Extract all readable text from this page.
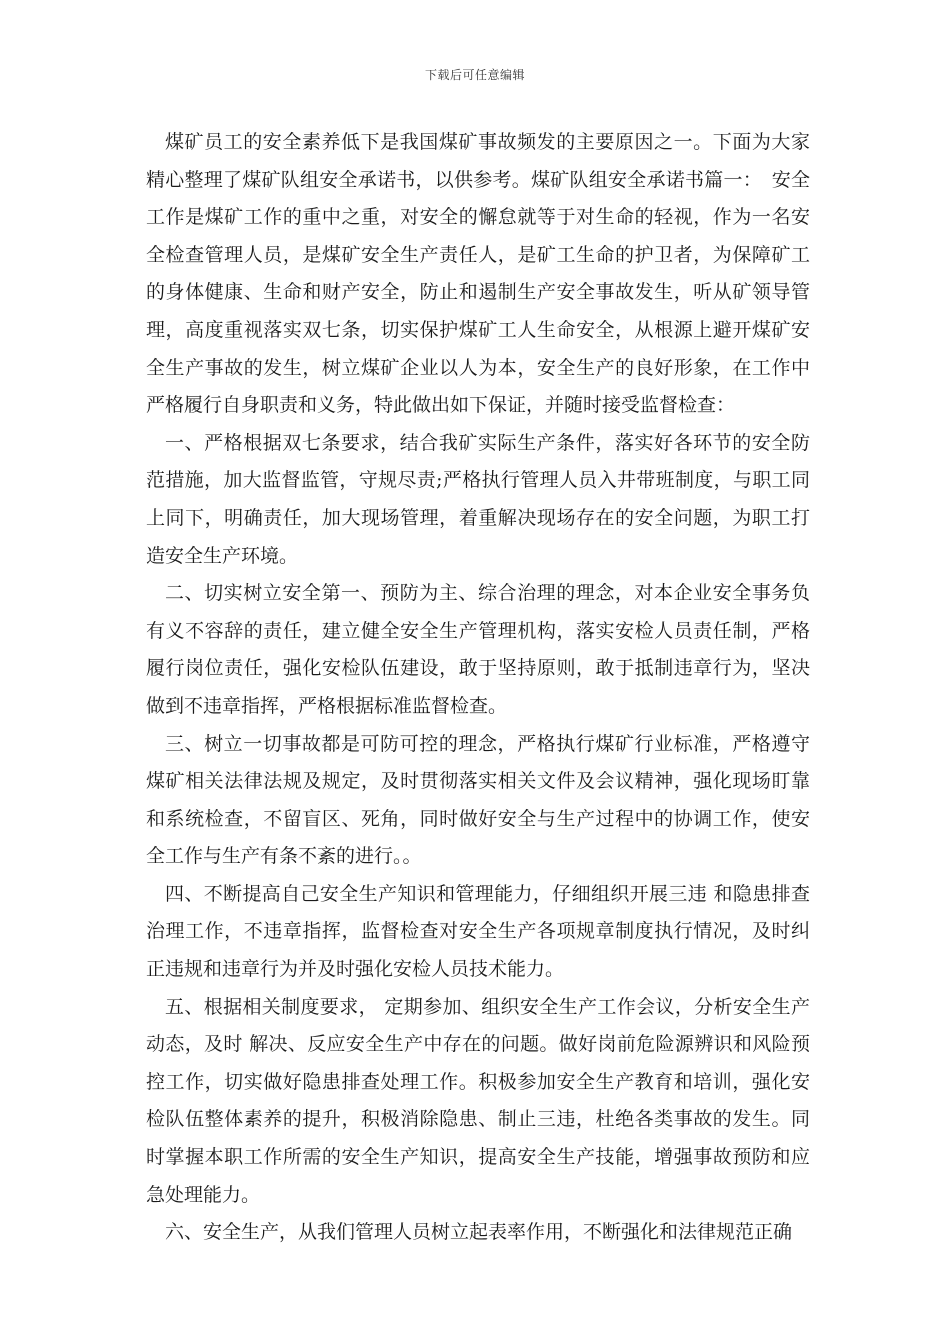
下载后可任意编辑

煤矿员工的安全素养低下是我国煤矿事故频发的主要原因之一。下面为大家精心整理了煤矿队组安全承诺书，以供参考。煤矿队组安全承诺书篇一：　安全工作是煤矿工作的重中之重，对安全的懈怠就等于对生命的轻视，作为一名安全检查管理人员，是煤矿安全生产责任人，是矿工生命的护卫者，为保障矿工的身体健康、生命和财产安全，防止和遏制生产安全事故发生，听从矿领导管理，高度重视落实双七条，切实保护煤矿工人生命安全，从根源上避开煤矿安全生产事故的发生，树立煤矿企业以人为本，安全生产的良好形象，在工作中严格履行自身职责和义务，特此做出如下保证，并随时接受监督检查：

一、严格根据双七条要求，结合我矿实际生产条件，落实好各环节的安全防范措施，加大监督监管，守规尽责;严格执行管理人员入井带班制度，与职工同上同下，明确责任，加大现场管理，着重解决现场存在的安全问题，为职工打造安全生产环境。

二、切实树立安全第一、预防为主、综合治理的理念，对本企业安全事务负有义不容辞的责任，建立健全安全生产管理机构，落实安检人员责任制，严格履行岗位责任，强化安检队伍建设，敢于坚持原则，敢于抵制违章行为，坚决做到不违章指挥，严格根据标准监督检查。

三、树立一切事故都是可防可控的理念，严格执行煤矿行业标准，严格遵守煤矿相关法律法规及规定，及时贯彻落实相关文件及会议精神，强化现场盯靠和系统检查，不留盲区、死角，同时做好安全与生产过程中的协调工作，使安全工作与生产有条不紊的进行。。

四、不断提高自己安全生产知识和管理能力，仔细组织开展三违 和隐患排查治理工作，不违章指挥，监督检查对安全生产各项规章制度执行情况，及时纠正违规和违章行为并及时强化安检人员技术能力。

五、根据相关制度要求， 定期参加、组织安全生产工作会议，分析安全生产动态，及时 解决、反应安全生产中存在的问题。做好岗前危险源辨识和风险预控工作，切实做好隐患排查处理工作。积极参加安全生产教育和培训，强化安检队伍整体素养的提升，积极消除隐患、制止三违，杜绝各类事故的发生。同时掌握本职工作所需的安全生产知识，提高安全生产技能，增强事故预防和应急处理能力。

六、安全生产，从我们管理人员树立起表率作用，不断强化和法律规范正确
